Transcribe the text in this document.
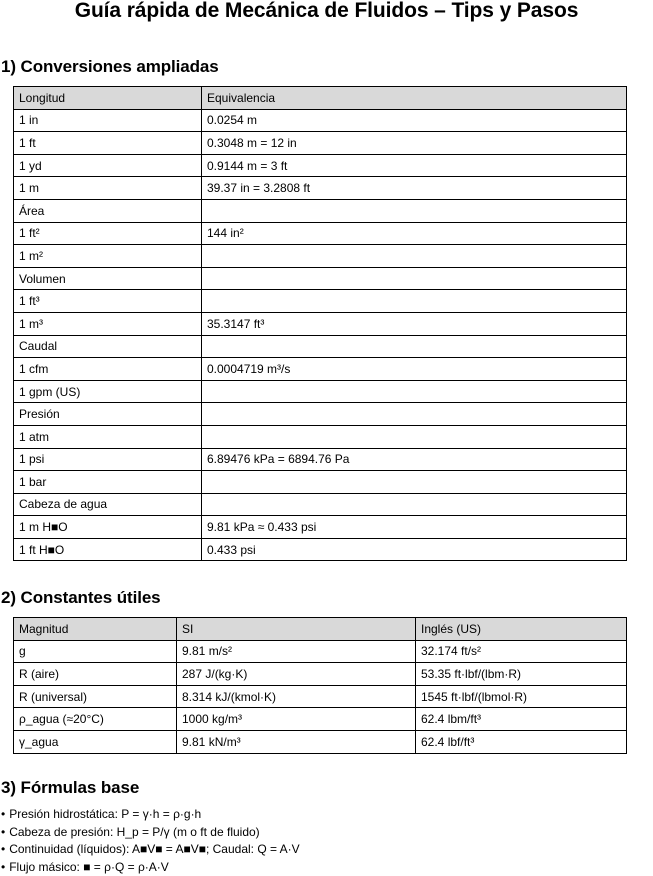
Guía rápida de Mecánica de Fluidos – Tips y Pasos
1) Conversiones ampliadas
Longitud	Equivalencia
1 in	0.0254 m
1 ft	0.3048 m = 12 in
1 yd	0.9144 m = 3 ft
1 m	39.37 in = 3.2808 ft
Área	
1 ft²	144 in²
1 m²	
Volumen	
1 ft³	
1 m³	35.3147 ft³
Caudal	
1 cfm	0.0004719 m³/s
1 gpm (US)	
Presión	
1 atm	
1 psi	6.89476 kPa = 6894.76 Pa
1 bar	
Cabeza de agua	
1 m H■O	9.81 kPa ≈ 0.433 psi
1 ft H■O	0.433 psi
2) Constantes útiles
Magnitud	SI	Inglés (US)
g	9.81 m/s²	32.174 ft/s²
R (aire)	287 J/(kg·K)	53.35 ft·lbf/(lbm·R)
R (universal)	8.314 kJ/(kmol·K)	1545 ft·lbf/(lbmol·R)
ρ_agua (≈20°C)	1000 kg/m³	62.4 lbm/ft³
γ_agua	9.81 kN/m³	62.4 lbf/ft³
3) Fórmulas base
• Presión hidrostática: P = γ·h = ρ·g·h
• Cabeza de presión: H_p = P/γ (m o ft de fluido)
• Continuidad (líquidos): A■V■ = A■V■; Caudal: Q = A·V
• Flujo másico: ■ = ρ·Q = ρ·A·V
